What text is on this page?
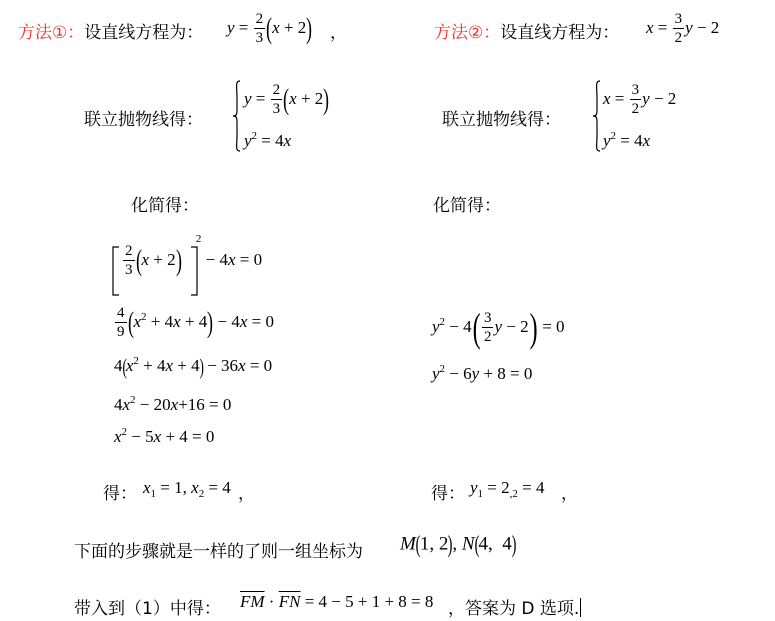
方法①：设直线方程为： $y = \frac{2}{3} (x + 2)$ ，
联立抛物线得：
$y = \frac{2}{3} (x + 2)$
$y^2 = 4x$
化简得：
$\frac{2}{3} (x + 2)$
$^2$ − 4x = 0
$\frac{4}{9} (x^2 + 4x + 4) - 4x = 0$
$4(x^2 + 4x + 4) - 36x = 0$
$4x^2 - 20x+16 = 0$
$x^2 - 5x + 4 = 0$
得： $x_1 = 1$, $x_2 = 4$ ，
方法②：设直线方程为： $x = \frac{3}{2}$ y − 2
联立抛物线得：
$x = \frac{3}{2}$ y − 2
$y^2 = 4x$
化简得：
$y^2 - 4( \frac{3}{2}$ y − 2) = 0
$y^2 - 6y + 8 = 0$
得： $y_1 = 2_{,2} = 4$ ，
下面的步骤就是一样的了则一组坐标为 M(1, 2), N(4,  4)
带入到（1）中得： $\overline{FM} \cdot \overline{FN} = 4 - 5 + 1 + 8 = 8$ ，答案为 D 选项.
